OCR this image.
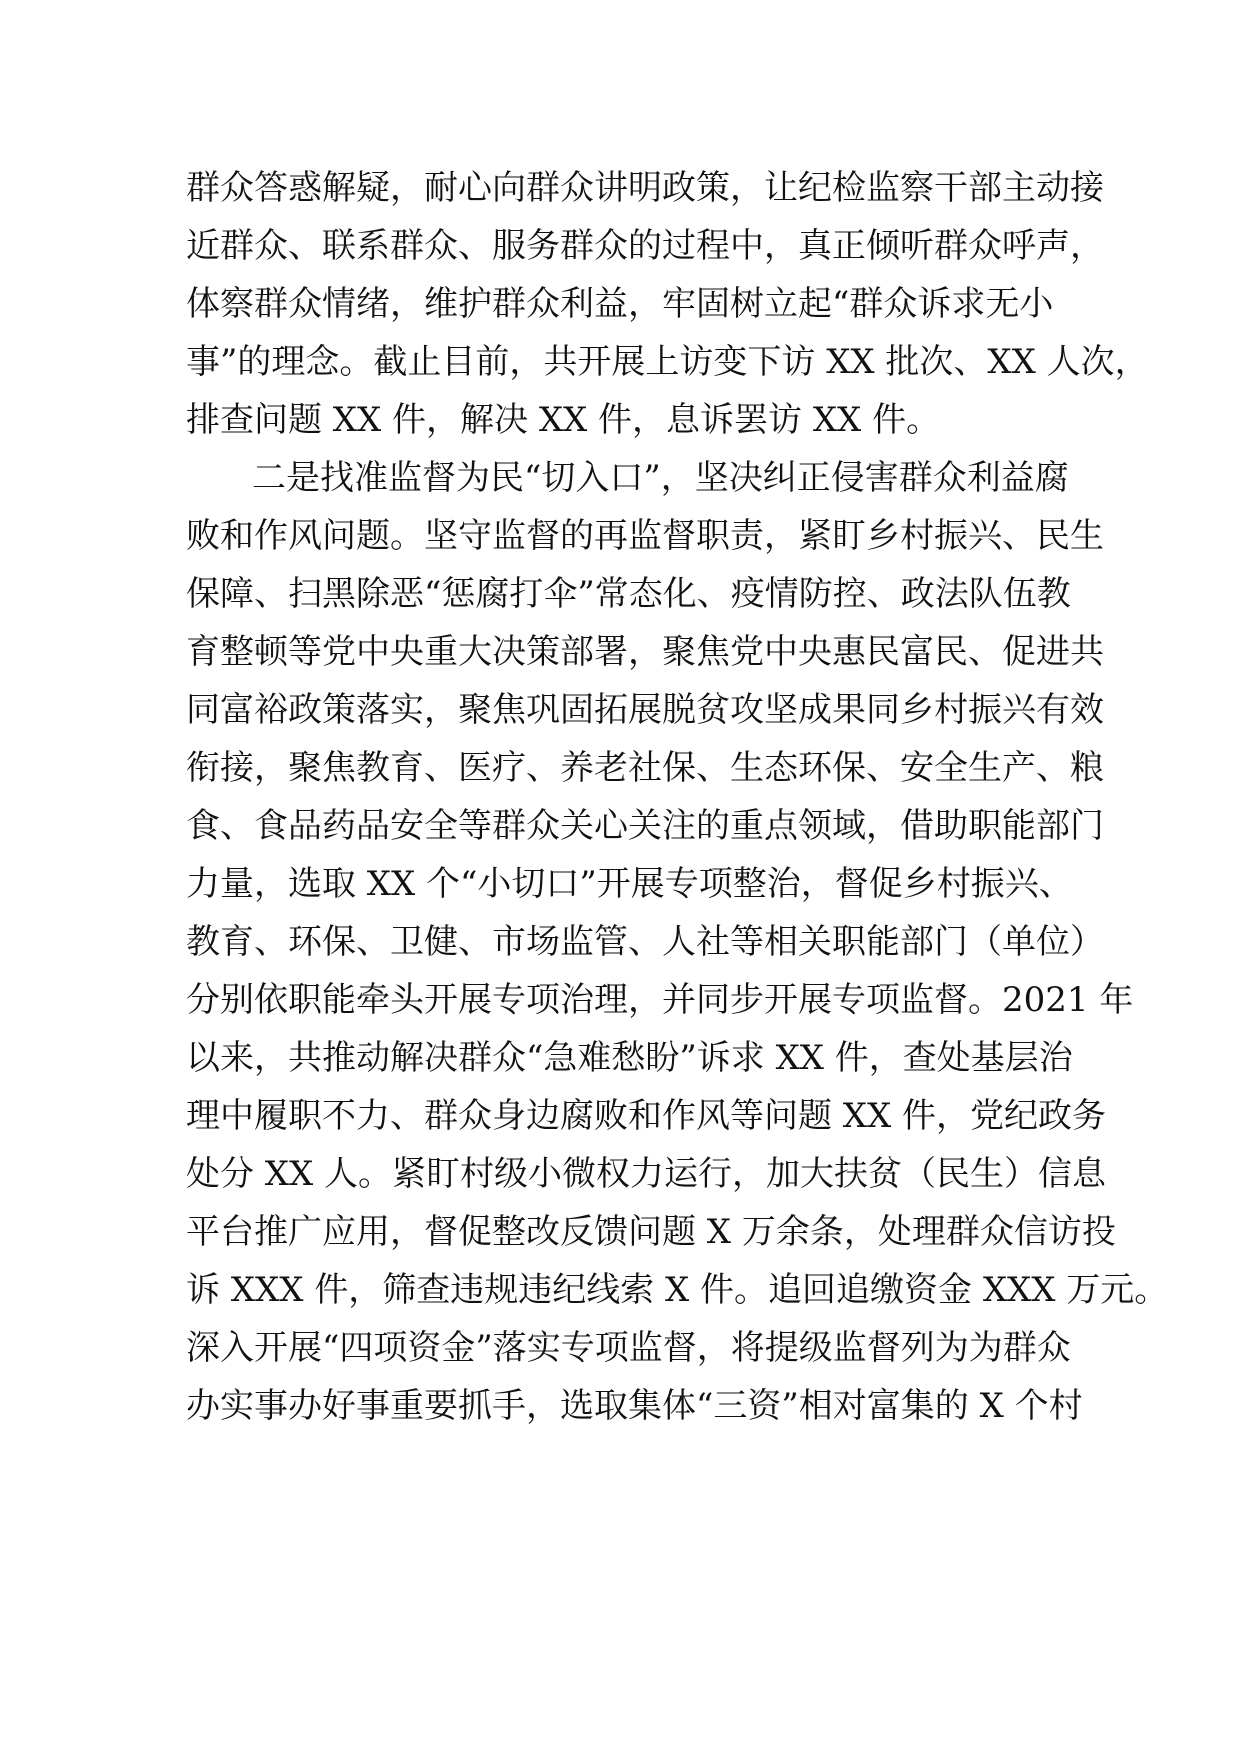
群众答惑解疑，耐心向群众讲明政策，让纪检监察干部主动接
近群众、联系群众、服务群众的过程中，真正倾听群众呼声，
体察群众情绪，维护群众利益，牢固树立起“群众诉求无小
事”的理念。截止目前，共开展上访变下访 XX 批次、XX 人次，
排查问题 XX 件，解决 XX 件，息诉罢访 XX 件。
二是找准监督为民“切入口”，坚决纠正侵害群众利益腐
败和作风问题。坚守监督的再监督职责，紧盯乡村振兴、民生
保障、扫黑除恶“惩腐打伞”常态化、疫情防控、政法队伍教
育整顿等党中央重大决策部署，聚焦党中央惠民富民、促进共
同富裕政策落实，聚焦巩固拓展脱贫攻坚成果同乡村振兴有效
衔接，聚焦教育、医疗、养老社保、生态环保、安全生产、粮
食、食品药品安全等群众关心关注的重点领域，借助职能部门
力量，选取 XX 个“小切口”开展专项整治，督促乡村振兴、
教育、环保、卫健、市场监管、人社等相关职能部门（单位）
分别依职能牵头开展专项治理，并同步开展专项监督。2021 年
以来，共推动解决群众“急难愁盼”诉求 XX 件，查处基层治
理中履职不力、群众身边腐败和作风等问题 XX 件，党纪政务
处分 XX 人。紧盯村级小微权力运行，加大扶贫（民生）信息
平台推广应用，督促整改反馈问题 X 万余条，处理群众信访投
诉 XXX 件，筛查违规违纪线索 X 件。追回追缴资金 XXX 万元。
深入开展“四项资金”落实专项监督，将提级监督列为为群众
办实事办好事重要抓手，选取集体“三资”相对富集的 X 个村
